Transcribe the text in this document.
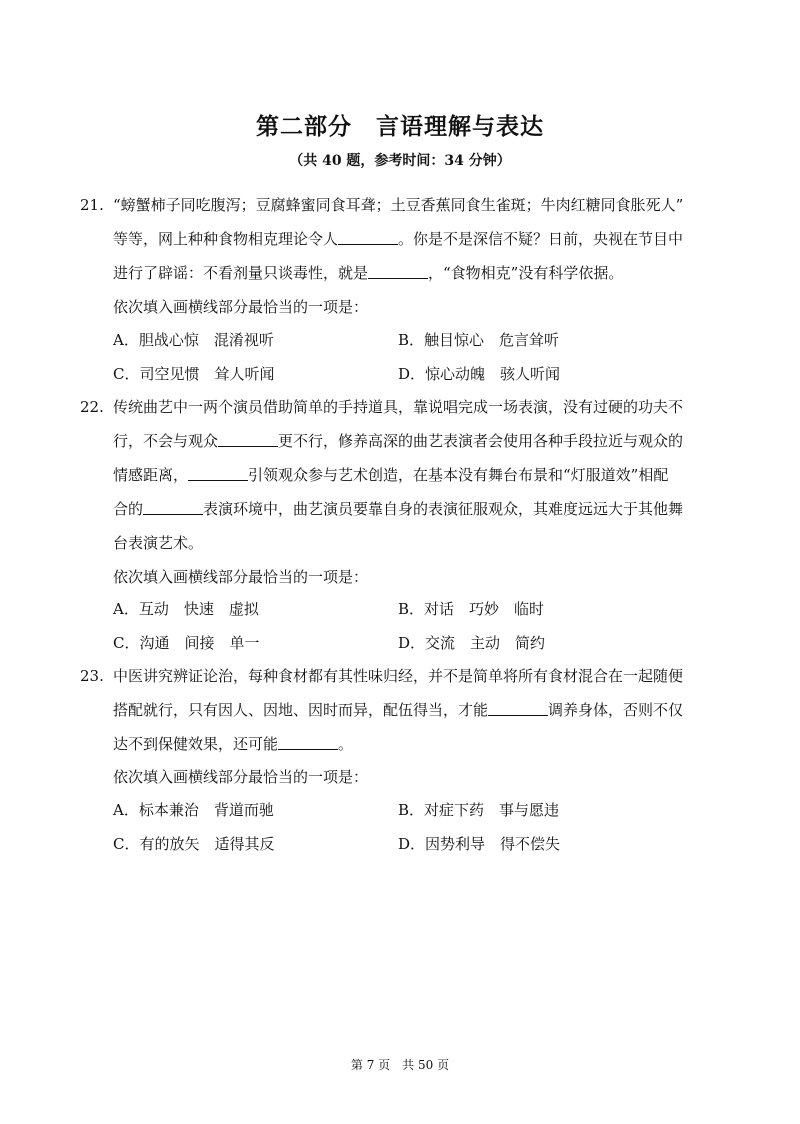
第二部分　言语理解与表达
（共 40 题，参考时间：34 分钟）
21. “螃蟹柿子同吃腹泻；豆腐蜂蜜同食耳聋；土豆香蕉同食生雀斑；牛肉红糖同食胀死人”
等等，网上种种食物相克理论令人	。你是不是深信不疑？日前，央视在节目中
进行了辟谣：不看剂量只谈毒性，就是	，“食物相克”没有科学依据。
依次填入画横线部分最恰当的一项是：
A．胆战心惊　混淆视听	B．触目惊心　危言耸听
C．司空见惯　耸人听闻	D．惊心动魄　骇人听闻
22. 传统曲艺中一两个演员借助简单的手持道具，靠说唱完成一场表演，没有过硬的功夫不
行，不会与观众	更不行，修养高深的曲艺表演者会使用各种手段拉近与观众的
情感距离，	引领观众参与艺术创造，在基本没有舞台布景和“灯服道效”相配
合的	表演环境中，曲艺演员要靠自身的表演征服观众，其难度远远大于其他舞
台表演艺术。
依次填入画横线部分最恰当的一项是：
A．互动　快速　虚拟	B．对话　巧妙　临时
C．沟通　间接　单一	D．交流　主动　简约
23. 中医讲究辨证论治，每种食材都有其性味归经，并不是简单将所有食材混合在一起随便
搭配就行，只有因人、因地、因时而异，配伍得当，才能	调养身体，否则不仅
达不到保健效果，还可能	。
依次填入画横线部分最恰当的一项是：
A．标本兼治　背道而驰	B．对症下药　事与愿违
C．有的放矢　适得其反	D．因势利导　得不偿失
第 7 页　共 50 页
